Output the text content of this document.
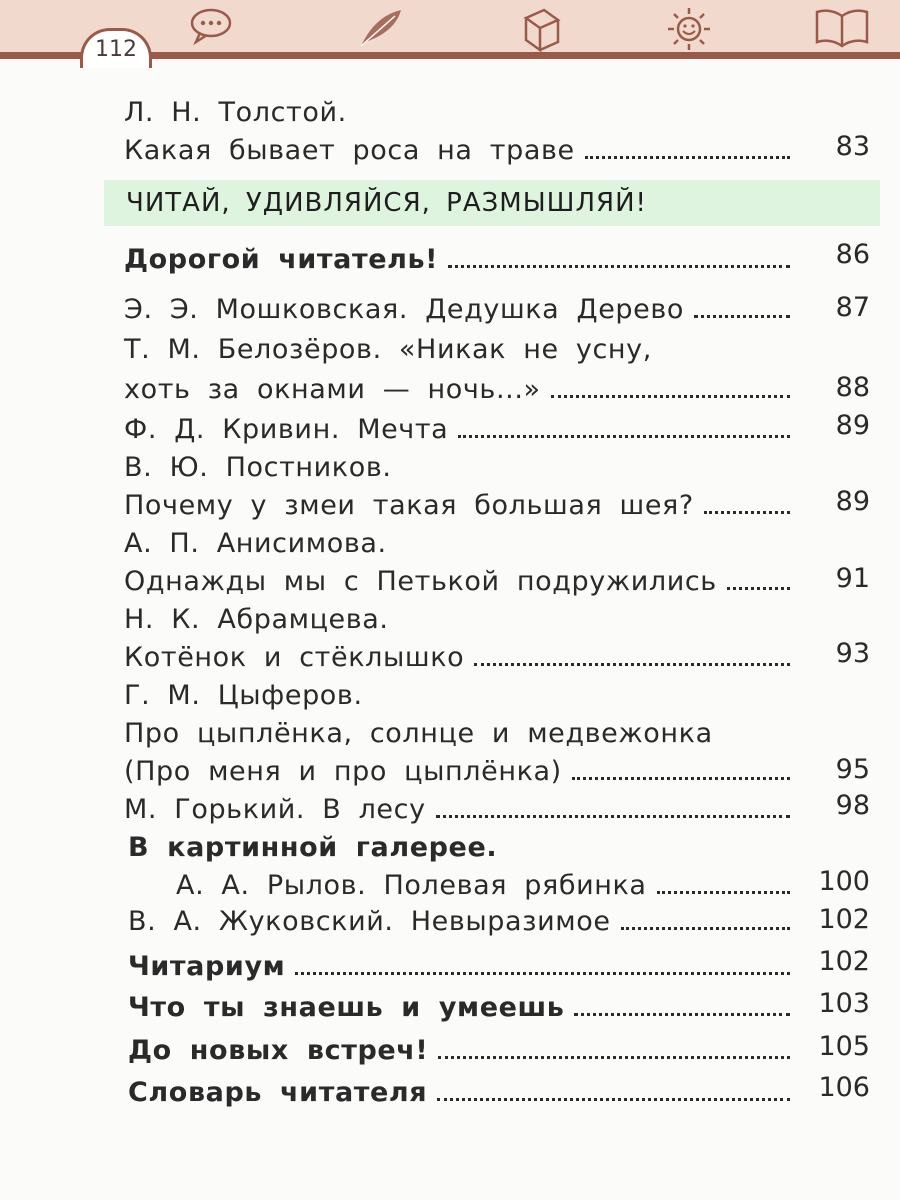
112
Л. Н. Толстой.
Какая бывает роса на траве	83
ЧИТАЙ, УДИВЛЯЙСЯ, РАЗМЫШЛЯЙ!
Дорогой читатель!	86
Э. Э. Мошковская. Дедушка Дерево	87
Т. М. Белозёров. «Никак не усну,
хоть за окнами — ночь...»	88
Ф. Д. Кривин. Мечта	89
В. Ю. Постников.
Почему у змеи такая большая шея?	89
А. П. Анисимова.
Однажды мы с Петькой подружились	91
Н. К. Абрамцева.
Котёнок и стёклышко	93
Г. М. Цыферов.
Про цыплёнка, солнце и медвежонка
(Про меня и про цыплёнка)	95
М. Горький. В лесу	98
В картинной галерее.
А. А. Рылов. Полевая рябинка	100
В. А. Жуковский. Невыразимое	102
Читариум	102
Что ты знаешь и умеешь	103
До новых встреч!	105
Словарь читателя	106
